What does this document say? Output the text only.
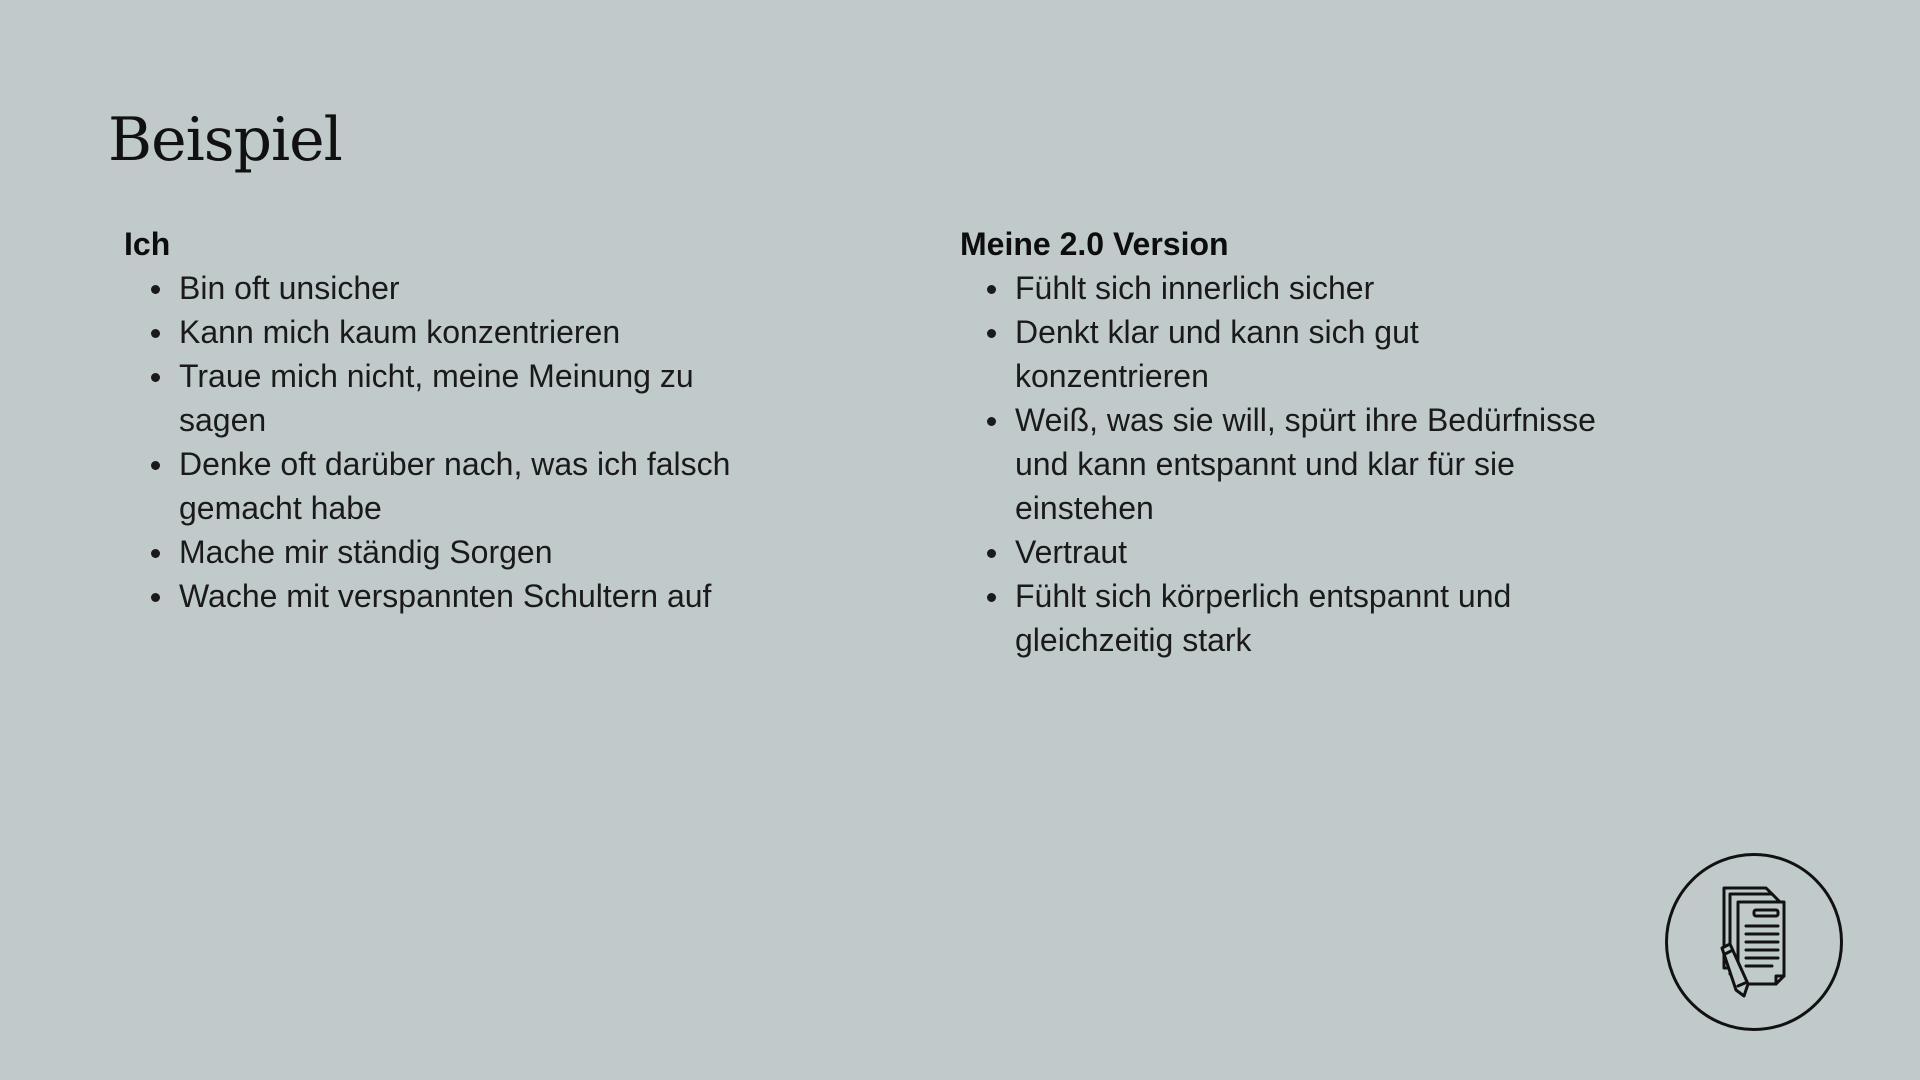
Beispiel
Ich
Bin oft unsicher
Kann mich kaum konzentrieren
Traue mich nicht, meine Meinung zu sagen
Denke oft darüber nach, was ich falsch gemacht habe
Mache mir ständig Sorgen
Wache mit verspannten Schultern auf
Meine 2.0 Version
Fühlt sich innerlich sicher
Denkt klar und kann sich gut konzentrieren
Weiß, was sie will, spürt ihre Bedürfnisse und kann entspannt und klar für sie einstehen
Vertraut
Fühlt sich körperlich entspannt und gleichzeitig stark
